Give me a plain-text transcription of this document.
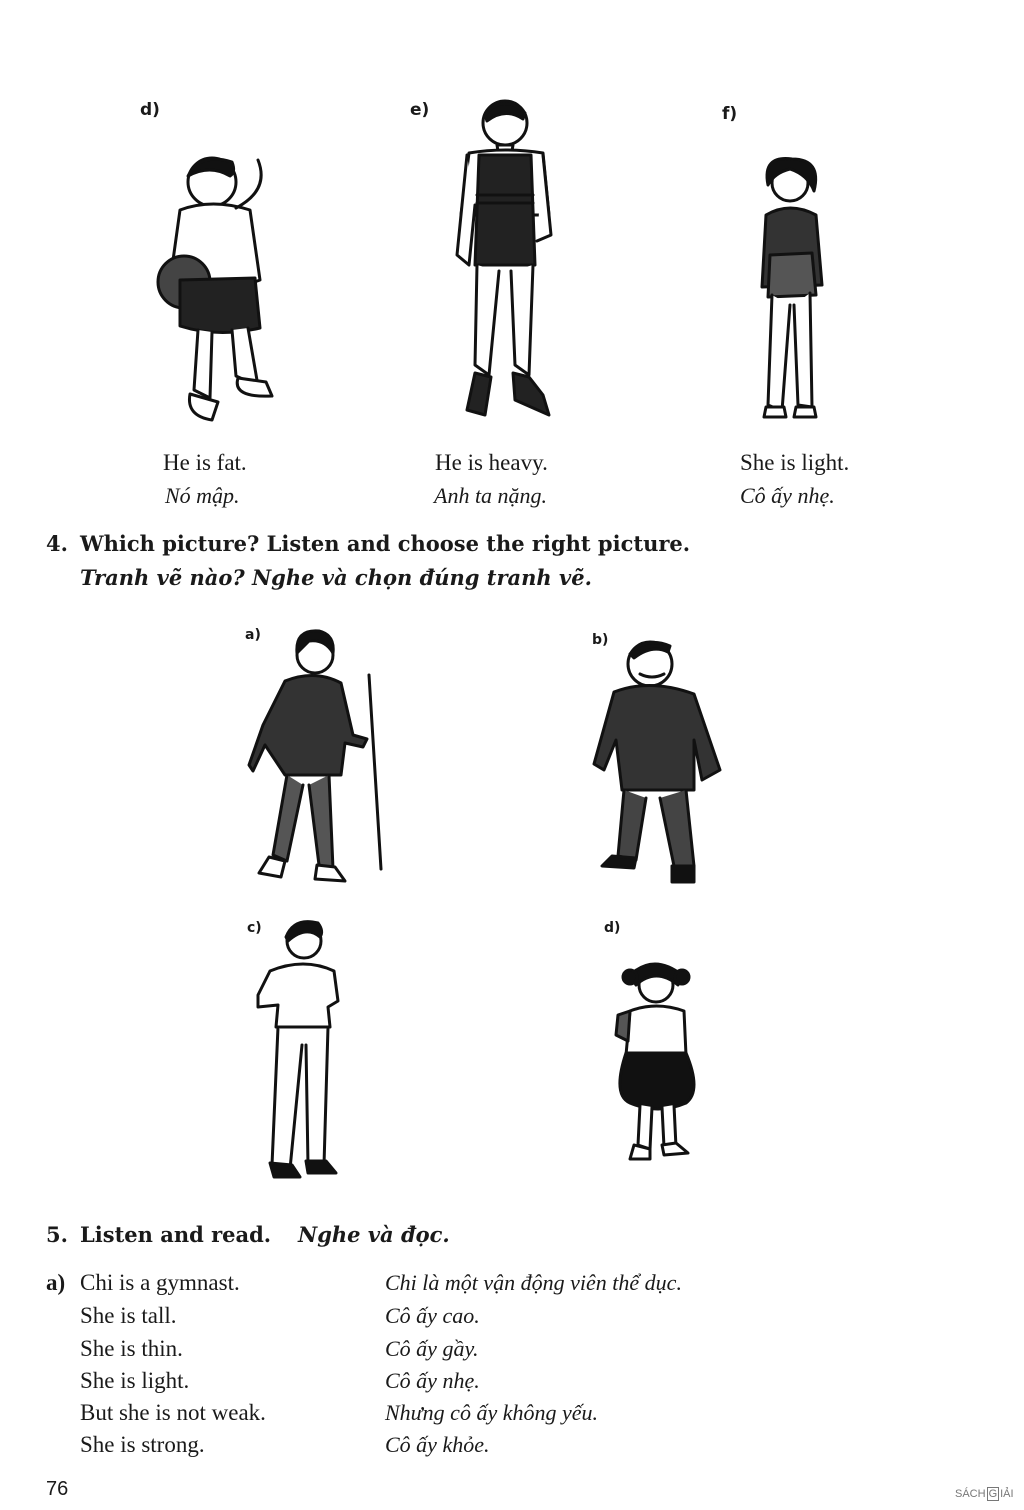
d)	e)	f)
He is fat.
Nó mập.
He is heavy.
Anh ta nặng.
She is light.
Cô ấy nhẹ.
4. Which picture? Listen and choose the right picture.
Tranh vẽ nào? Nghe và chọn đúng tranh vẽ.
a)	b)
c)	d)
5. Listen and read. Nghe và đọc.
a) Chi is a gymnast.	Chi là một vận động viên thể dục.
She is tall.	Cô ấy cao.
She is thin.	Cô ấy gầy.
She is light.	Cô ấy nhẹ.
But she is not weak.	Nhưng cô ấy không yếu.
She is strong.	Cô ấy khỏe.
76	SÁCH G IẢI
